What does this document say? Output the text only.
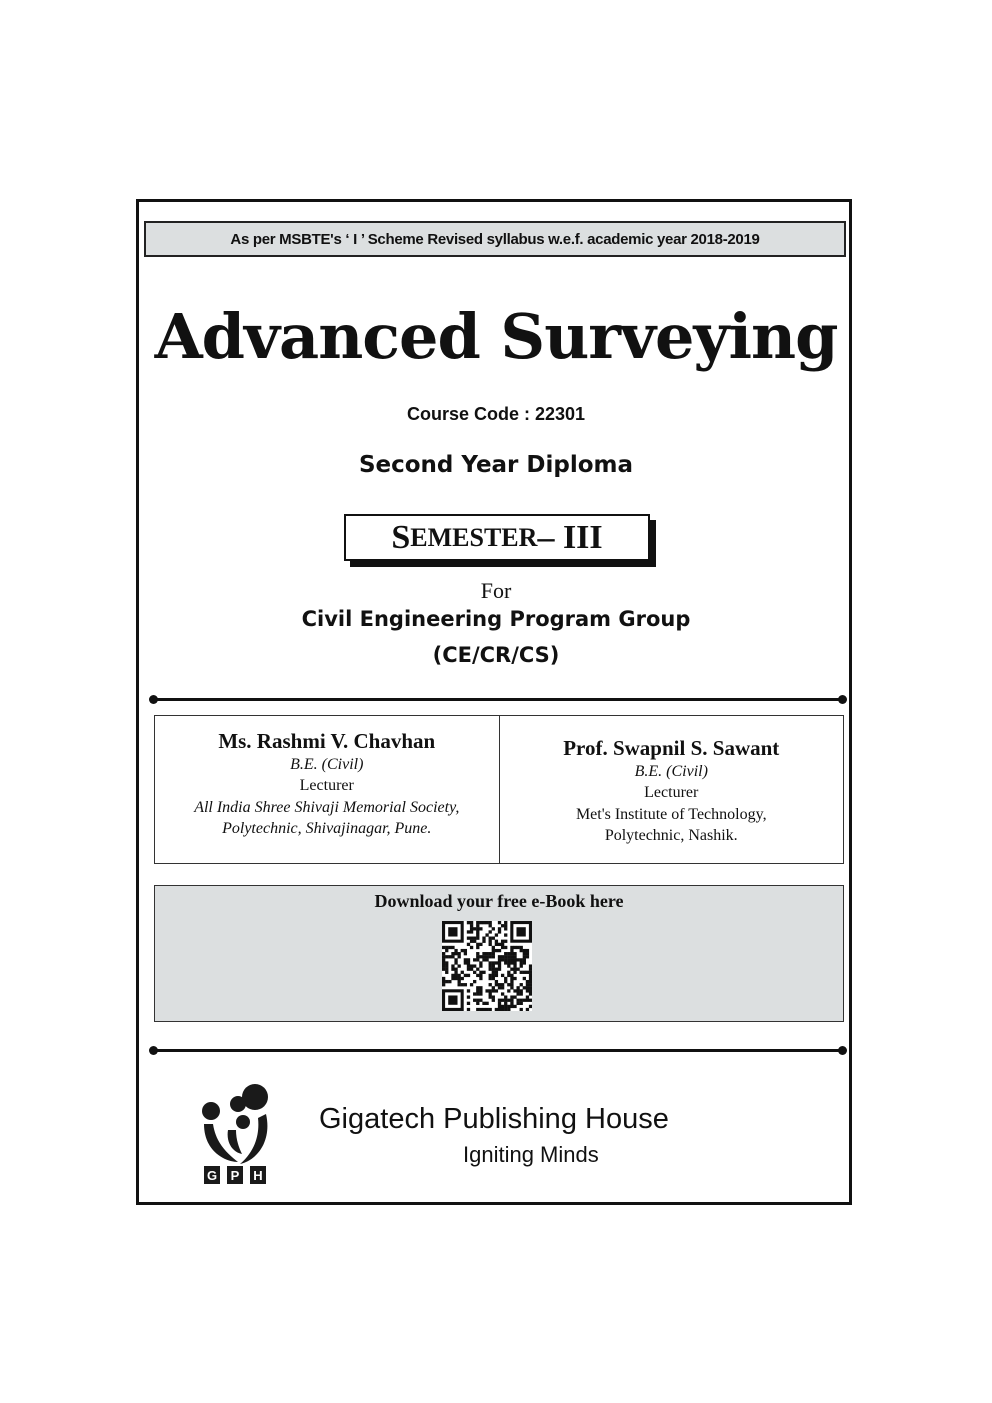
As per MSBTE's ‘ I ’ Scheme Revised syllabus w.e.f. academic year 2018-2019
Advanced Surveying
Course Code : 22301
Second Year Diploma
S EMESTER – III
For
Civil Engineering Program Group
(CE/CR/CS)
Ms. Rashmi V. Chavhan
B.E. (Civil)
Lecturer
All India Shree Shivaji Memorial Society,
Polytechnic, Shivajinagar, Pune.
Prof. Swapnil S. Sawant
B.E. (Civil)
Lecturer
Met's Institute of Technology,
Polytechnic, Nashik.
Download your free e-Book here
G P H
Gigatech Publishing House
Igniting Minds
